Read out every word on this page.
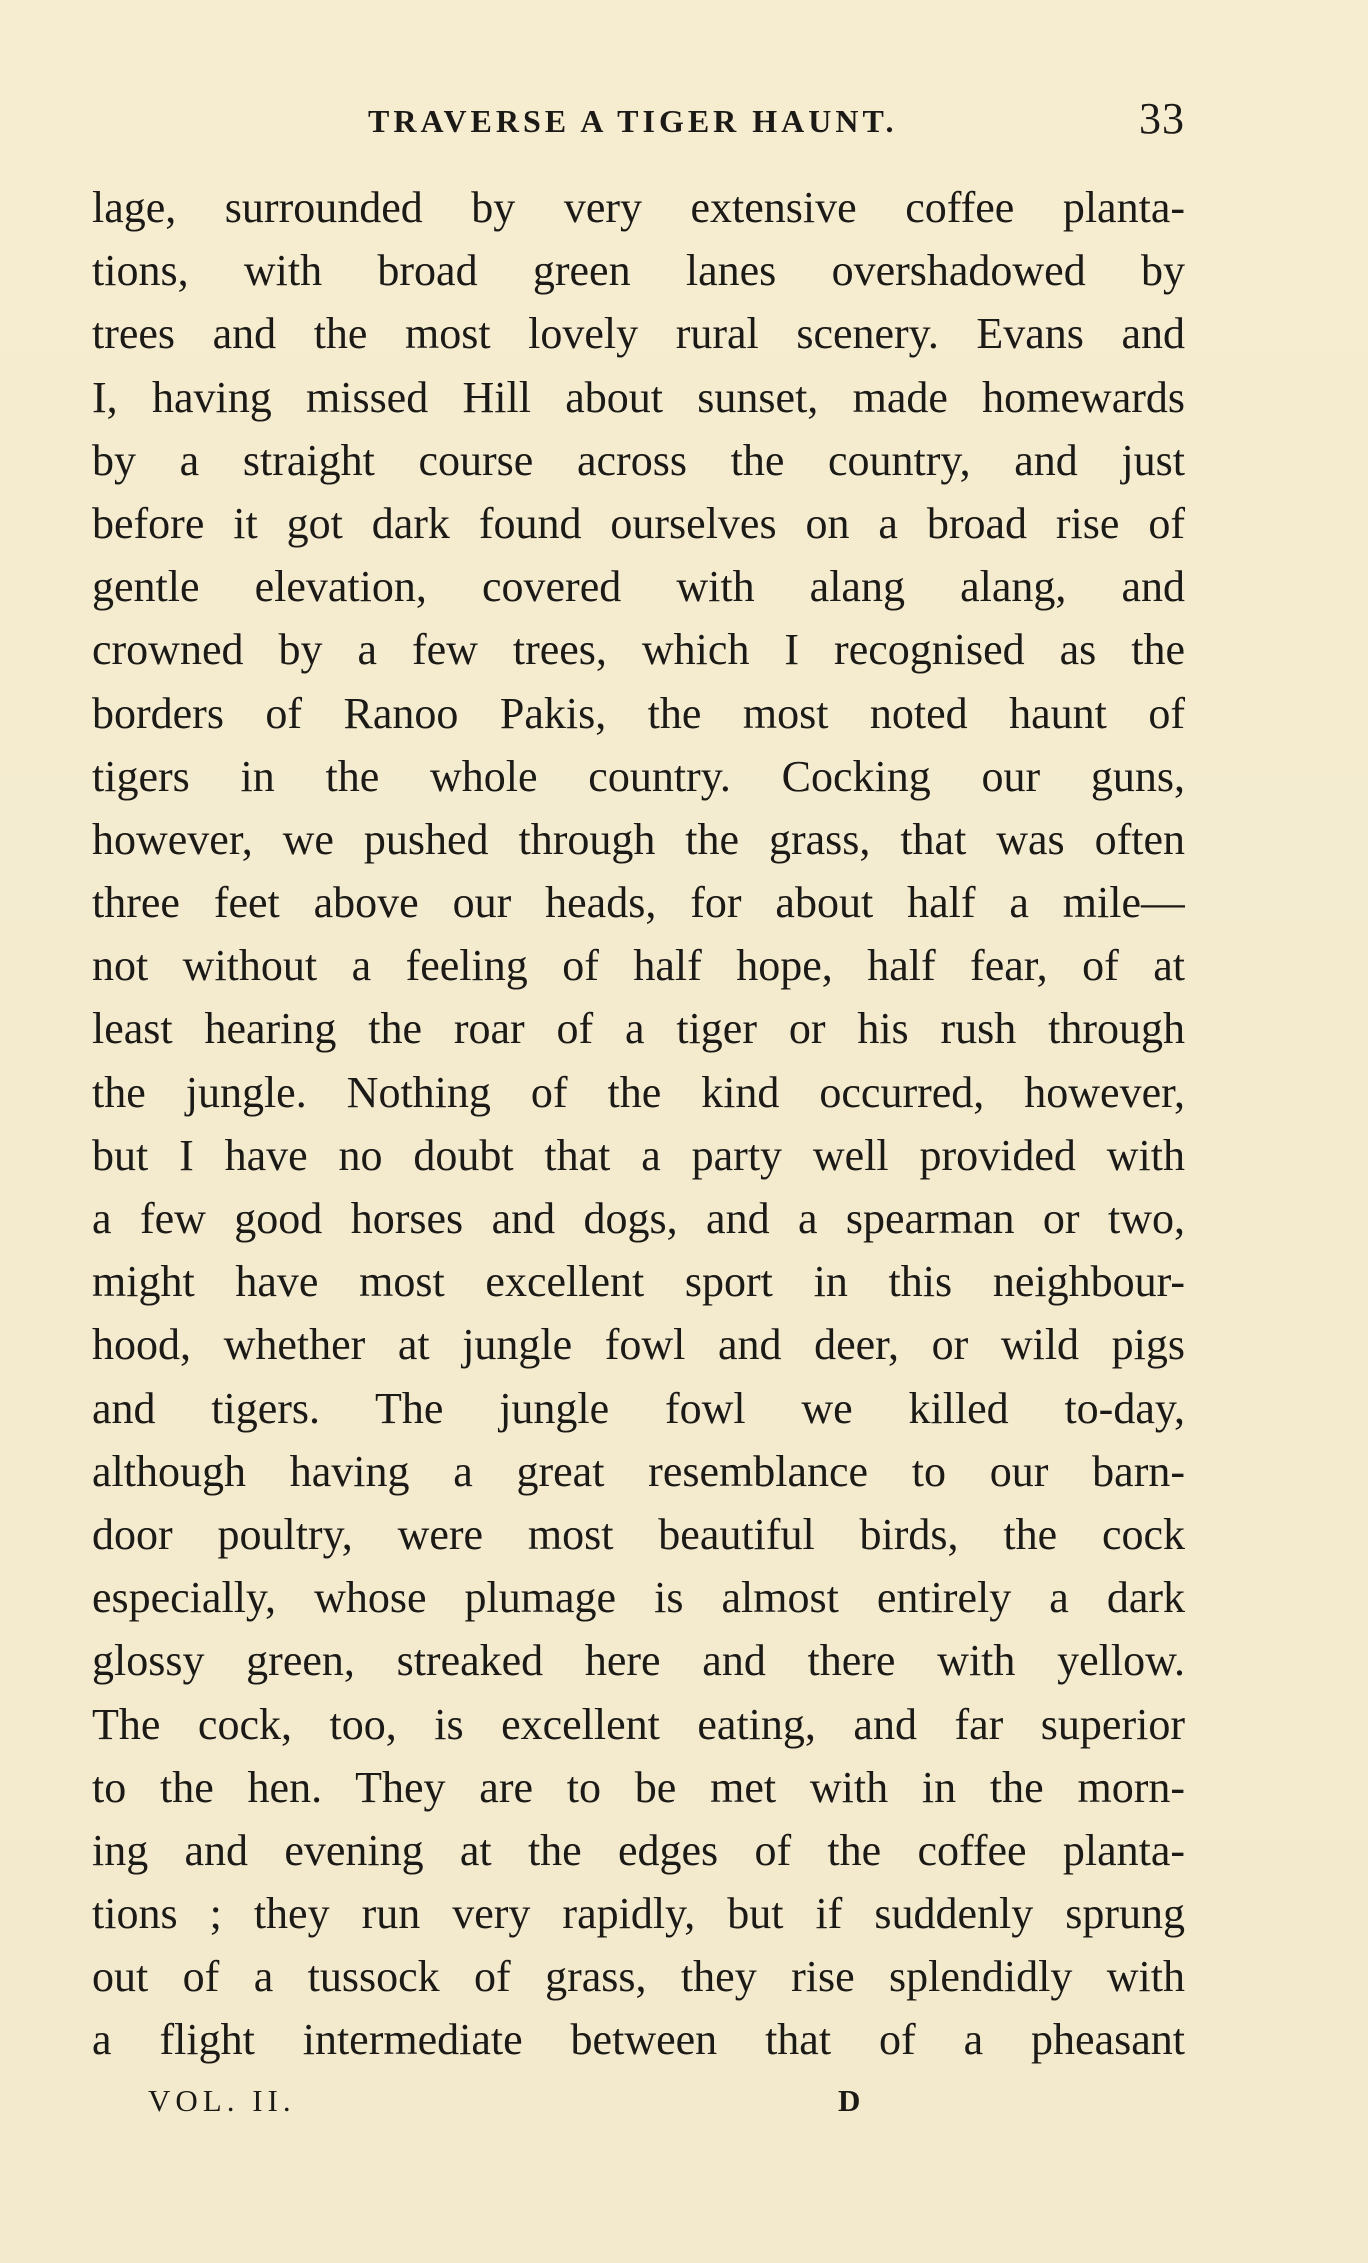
TRAVERSE A TIGER HAUNT.	33
lage, surrounded by very extensive coffee planta-
tions, with broad green lanes overshadowed by
trees and the most lovely rural scenery. Evans and
I, having missed Hill about sunset, made homewards
by a straight course across the country, and just
before it got dark found ourselves on a broad rise of
gentle elevation, covered with alang alang, and
crowned by a few trees, which I recognised as the
borders of Ranoo Pakis, the most noted haunt of
tigers in the whole country. Cocking our guns,
however, we pushed through the grass, that was often
three feet above our heads, for about half a mile—
not without a feeling of half hope, half fear, of at
least hearing the roar of a tiger or his rush through
the jungle. Nothing of the kind occurred, however,
but I have no doubt that a party well provided with
a few good horses and dogs, and a spearman or two,
might have most excellent sport in this neighbour-
hood, whether at jungle fowl and deer, or wild pigs
and tigers. The jungle fowl we killed to-day,
although having a great resemblance to our barn-
door poultry, were most beautiful birds, the cock
especially, whose plumage is almost entirely a dark
glossy green, streaked here and there with yellow.
The cock, too, is excellent eating, and far superior
to the hen. They are to be met with in the morn-
ing and evening at the edges of the coffee planta-
tions ; they run very rapidly, but if suddenly sprung
out of a tussock of grass, they rise splendidly with
a flight intermediate between that of a pheasant
VOL. II.	D
